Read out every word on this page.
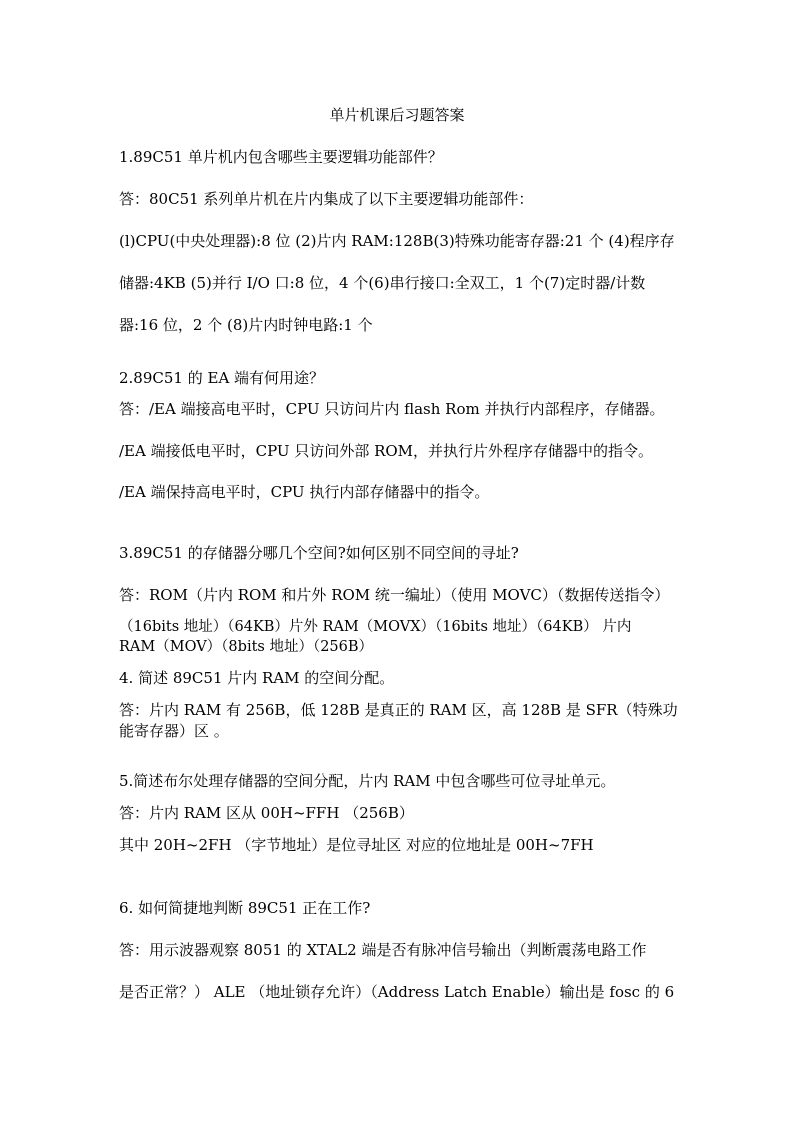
单片机课后习题答案
1.89C51 单片机内包含哪些主要逻辑功能部件？
答：80C51 系列单片机在片内集成了以下主要逻辑功能部件：
(l)CPU(中央处理器):8 位 (2)片内 RAM:128B(3)特殊功能寄存器:21 个 (4)程序存
储器:4KB (5)并行 I/O 口:8 位，4 个(6)串行接口:全双工，1 个(7)定时器/计数
器:16 位，2 个 (8)片内时钟电路:1 个
2.89C51 的 EA 端有何用途？
答：/EA 端接高电平时，CPU 只访问片内 flash Rom 并执行内部程序，存储器。
/EA 端接低电平时，CPU 只访问外部 ROM，并执行片外程序存储器中的指令。
/EA 端保持高电平时，CPU 执行内部存储器中的指令。
3.89C51 的存储器分哪几个空间?如何区别不同空间的寻址?
答：ROM（片内 ROM 和片外 ROM 统一编址）（使用 MOVC）（数据传送指令）
（16bits 地址）（64KB）片外 RAM（MOVX）（16bits 地址）（64KB） 片内
RAM（MOV）（8bits 地址）（256B）
4. 简述 89C51 片内 RAM 的空间分配。
答：片内 RAM 有 256B，低 128B 是真正的 RAM 区，高 128B 是 SFR（特殊功
能寄存器）区 。
5.简述布尔处理存储器的空间分配，片内 RAM 中包含哪些可位寻址单元。
答：片内 RAM 区从 00H~FFH （256B）
其中 20H~2FH （字节地址）是位寻址区 对应的位地址是 00H~7FH
6. 如何简捷地判断 89C51 正在工作?
答：用示波器观察 8051 的 XTAL2 端是否有脉冲信号输出（判断震荡电路工作
是否正常？） ALE （地址锁存允许）（Address Latch Enable）输出是 fosc 的 6
